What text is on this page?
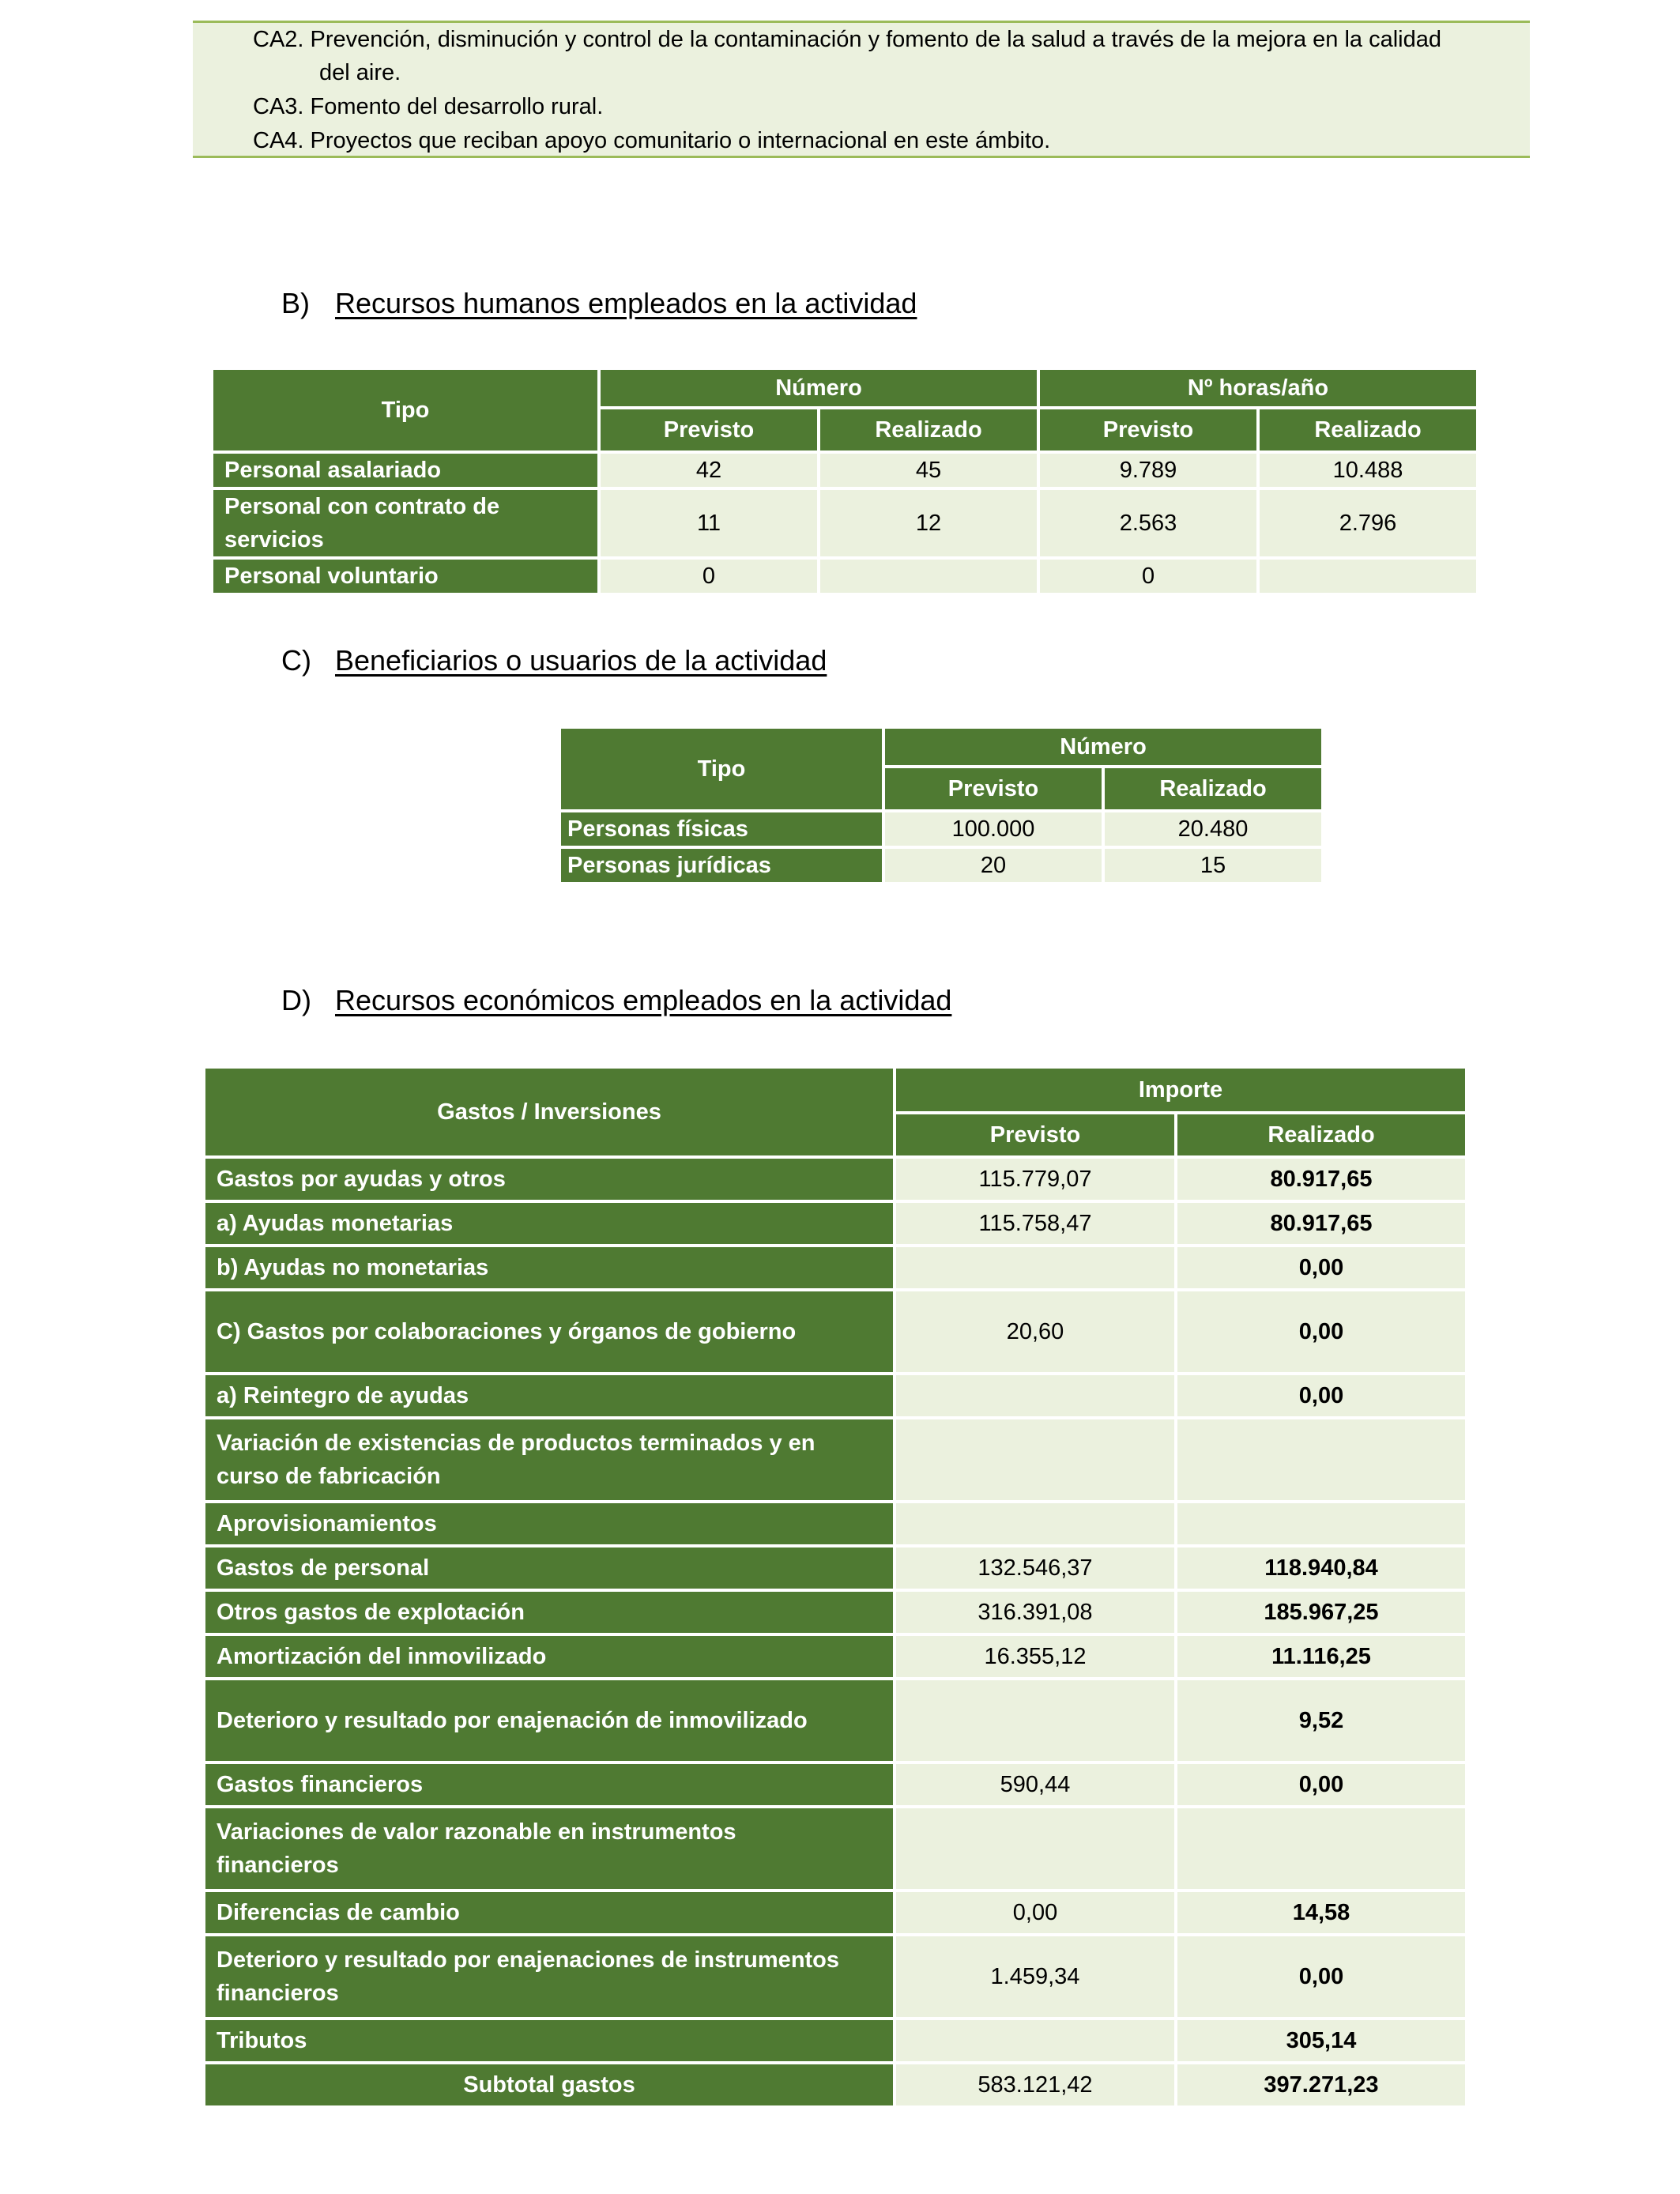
CA2. Prevención, disminución y control de la contaminación y fomento de la salud a través de la mejora en la calidad
del aire.
CA3. Fomento del desarrollo rural.
CA4. Proyectos que reciban apoyo comunitario o internacional en este ámbito.
B) Recursos humanos empleados en la actividad
Tipo	Número		Nº horas/año	
	Previsto	Realizado	Previsto	Realizado
Personal asalariado	42	45	9.789	10.488
Personal con contrato de
servicios	11	12	2.563	2.796
Personal voluntario	0		0	
C) Beneficiarios o usuarios de la actividad
Tipo	Número	
	Previsto	Realizado
Personas físicas	100.000	20.480
Personas jurídicas	20	15
D) Recursos económicos empleados en la actividad
Gastos / Inversiones	Importe	
	Previsto	Realizado
Gastos por ayudas y otros	115.779,07	80.917,65
a) Ayudas monetarias	115.758,47	80.917,65
b) Ayudas no monetarias		0,00
C) Gastos por colaboraciones y órganos de gobierno	20,60	0,00
a) Reintegro de ayudas		0,00
Variación de existencias de productos terminados y en
curso de fabricación		
Aprovisionamientos		
Gastos de personal	132.546,37	118.940,84
Otros gastos de explotación	316.391,08	185.967,25
Amortización del inmovilizado	16.355,12	11.116,25
Deterioro y resultado por enajenación de inmovilizado		9,52
Gastos financieros	590,44	0,00
Variaciones de valor razonable en instrumentos
financieros		
Diferencias de cambio	0,00	14,58
Deterioro y resultado por enajenaciones de instrumentos
financieros	1.459,34	0,00
Tributos		305,14
Subtotal gastos	583.121,42	397.271,23
